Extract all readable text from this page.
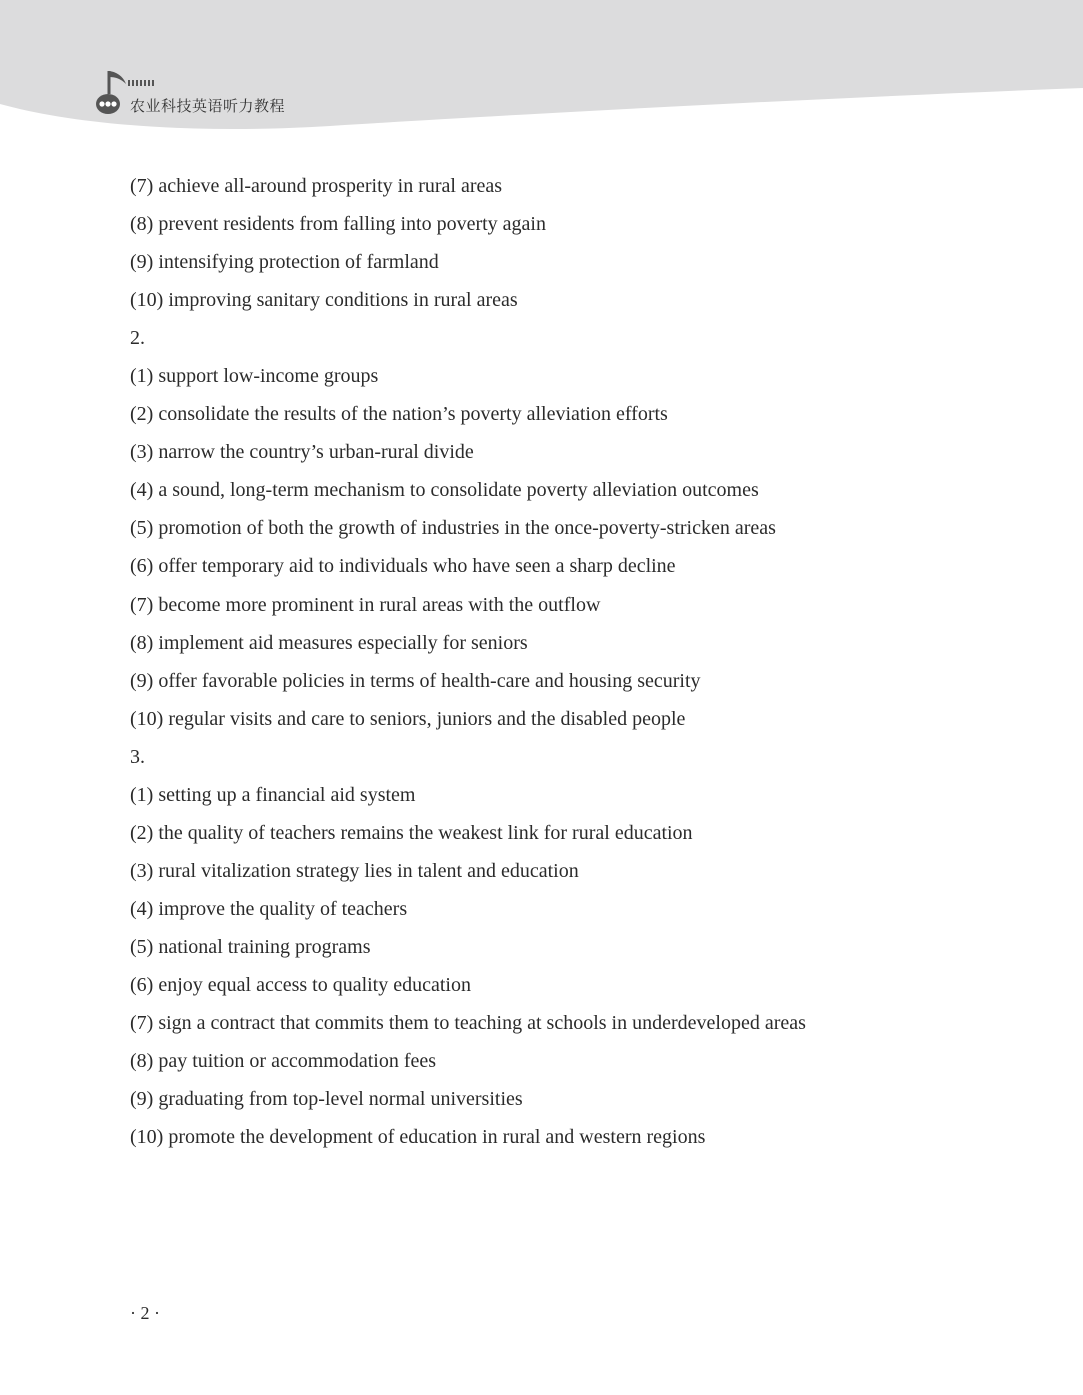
农业科技英语听力教程
(7) achieve all-around prosperity in rural areas
(8) prevent residents from falling into poverty again
(9) intensifying protection of farmland
(10) improving sanitary conditions in rural areas
2.
(1) support low-income groups
(2) consolidate the results of the nation’s poverty alleviation efforts
(3) narrow the country’s urban-rural divide
(4) a sound, long-term mechanism to consolidate poverty alleviation outcomes
(5) promotion of both the growth of industries in the once-poverty-stricken areas
(6) offer temporary aid to individuals who have seen a sharp decline
(7) become more prominent in rural areas with the outflow
(8) implement aid measures especially for seniors
(9) offer favorable policies in terms of health-care and housing security
(10) regular visits and care to seniors, juniors and the disabled people
3.
(1) setting up a financial aid system
(2) the quality of teachers remains the weakest link for rural education
(3) rural vitalization strategy lies in talent and education
(4) improve the quality of teachers
(5) national training programs
(6) enjoy equal access to quality education
(7) sign a contract that commits them to teaching at schools in underdeveloped areas
(8) pay tuition or accommodation fees
(9) graduating from top-level normal universities
(10) promote the development of education in rural and western regions
· 2 ·
